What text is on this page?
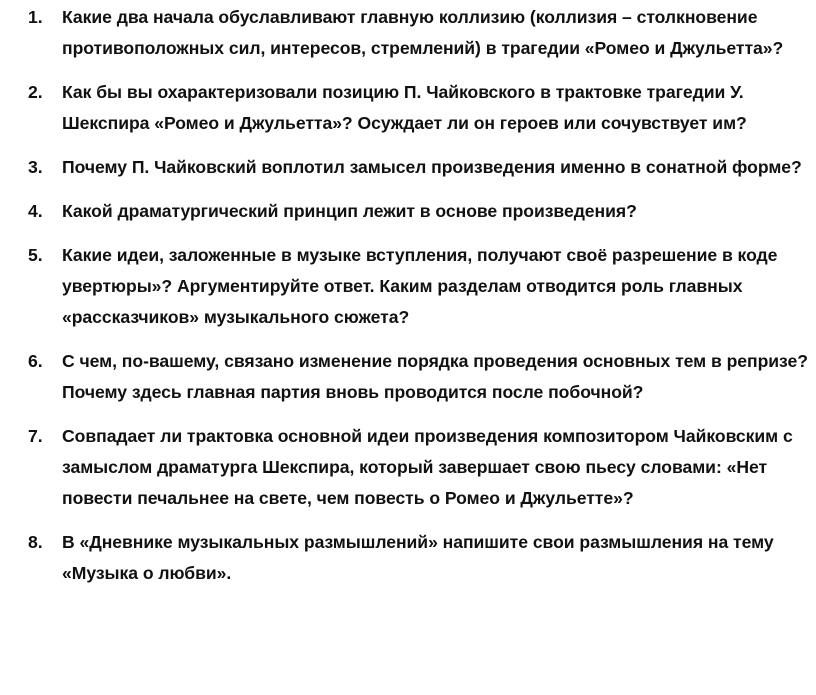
1.	Какие два начала обуславливают главную коллизию (коллизия – столкновение противоположных сил, интересов, стремлений) в трагедии «Ромео и Джульетта»?
2.	Как бы вы охарактеризовали позицию П. Чайковского в трактовке трагедии У. Шекспира «Ромео и Джульетта»? Осуждает ли он героев или сочувствует им?
3.	Почему П. Чайковский воплотил замысел произведения именно в сонатной форме?
4.	Какой драматургический принцип лежит в основе произведения?
5.	Какие идеи, заложенные в музыке вступления, получают своё разрешение в коде увертюры»? Аргументируйте ответ. Каким разделам отводится роль главных «рассказчиков» музыкального сюжета?
6.	С чем, по-вашему, связано изменение порядка проведения основных тем в репризе? Почему здесь главная партия вновь проводится после побочной?
7.	Совпадает ли трактовка основной идеи произведения композитором Чайковским с замыслом драматурга Шекспира, который завершает свою пьесу словами: «Нет повести печальнее на свете, чем повесть о Ромео и Джульетте»?
8.	В «Дневнике музыкальных размышлений» напишите свои размышления на тему «Музыка о любви».
